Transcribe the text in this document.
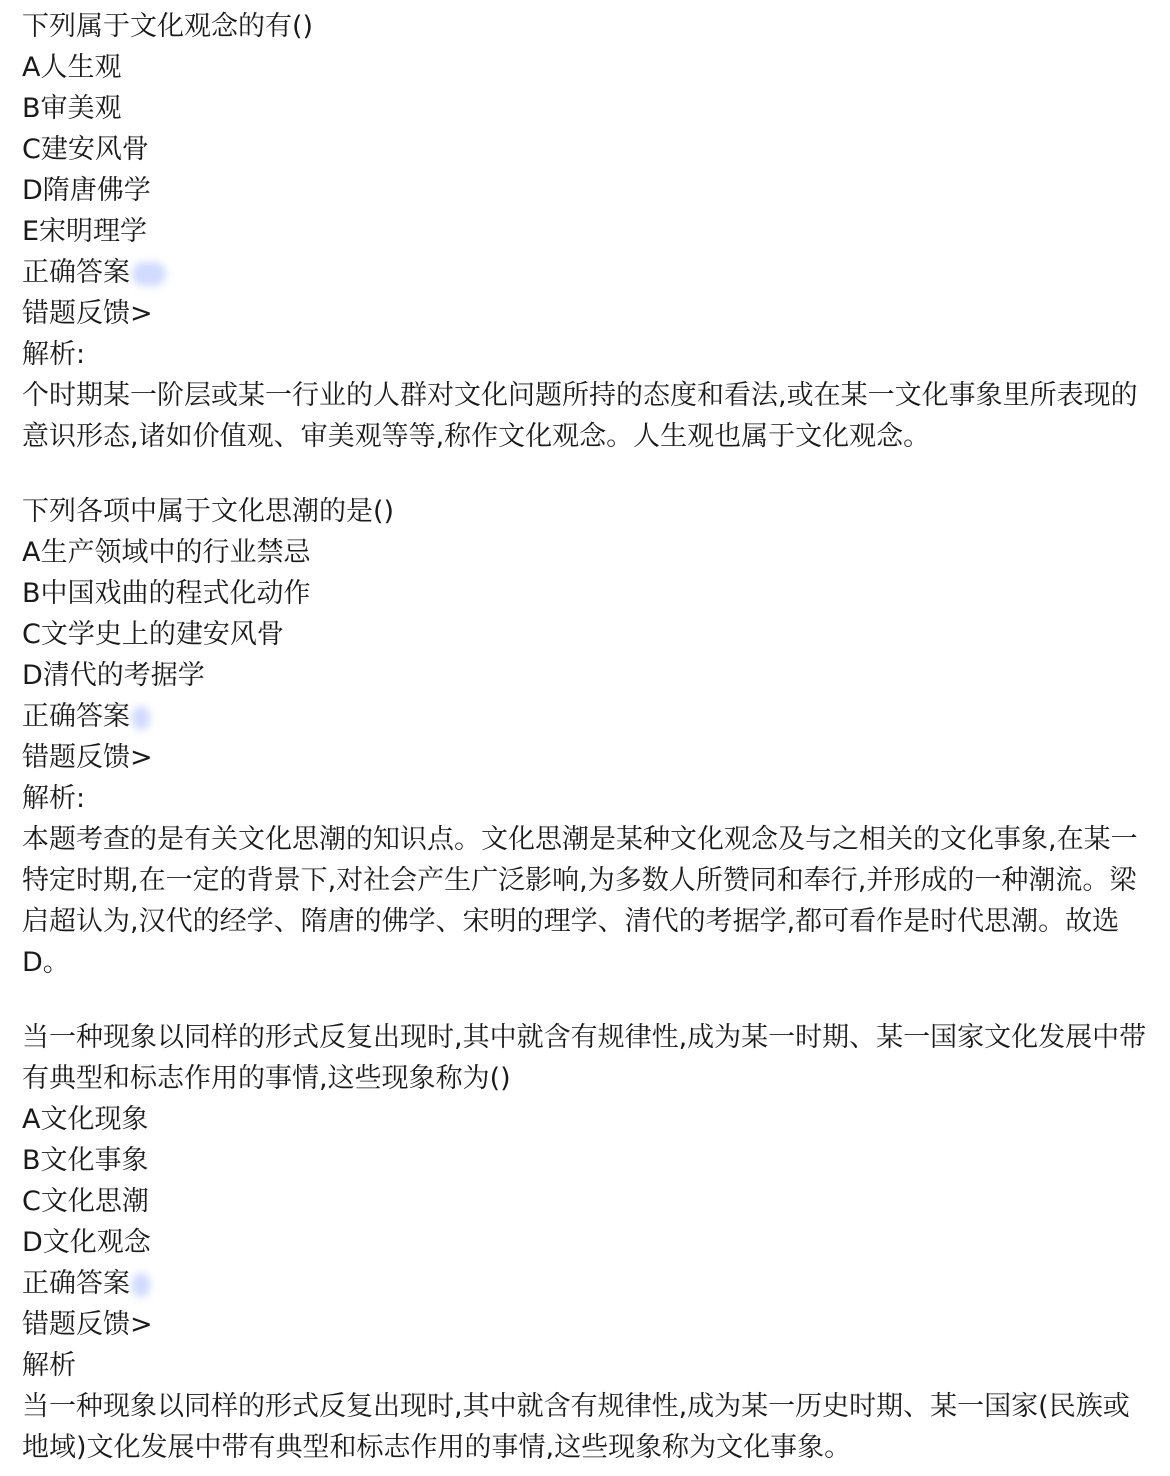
下列属于文化观念的有()
A人生观
B审美观
C建安风骨
D隋唐佛学
E宋明理学
正确答案
错题反馈>
解析:

个时期某一阶层或某一行业的人群对文化问题所持的态度和看法,或在某一文化事象里所表现的意识形态,诸如价值观、审美观等等,称作文化观念。人生观也属于文化观念。

下列各项中属于文化思潮的是()
A生产领域中的行业禁忌
B中国戏曲的程式化动作
C文学史上的建安风骨
D清代的考据学
正确答案
错题反馈>
解析:

本题考查的是有关文化思潮的知识点。文化思潮是某种文化观念及与之相关的文化事象,在某一特定时期,在一定的背景下,对社会产生广泛影响,为多数人所赞同和奉行,并形成的一种潮流。梁启超认为,汉代的经学、隋唐的佛学、宋明的理学、清代的考据学,都可看作是时代思潮。故选D。

当一种现象以同样的形式反复出现时,其中就含有规律性,成为某一时期、某一国家文化发展中带有典型和标志作用的事情,这些现象称为()

A文化现象
B文化事象
C文化思潮
D文化观念
正确答案
错题反馈>
解析

当一种现象以同样的形式反复出现时,其中就含有规律性,成为某一历史时期、某一国家(民族或地域)文化发展中带有典型和标志作用的事情,这些现象称为文化事象。
